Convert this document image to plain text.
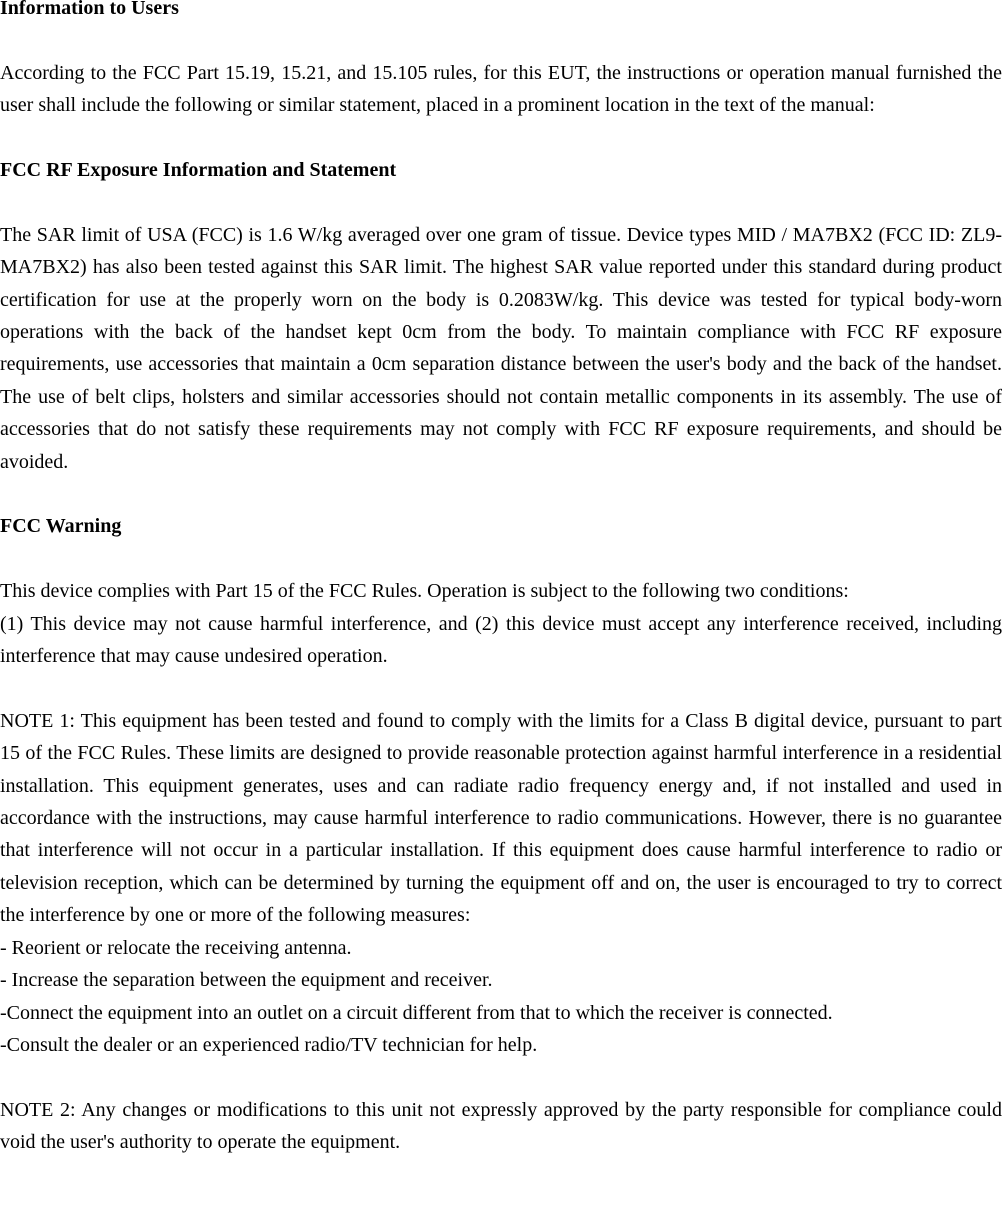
Information to Users

According to the FCC Part 15.19, 15.21, and 15.105 rules, for this EUT, the instructions or operation manual furnished the user shall include the following or similar statement, placed in a prominent location in the text of the manual:

FCC RF Exposure Information and Statement

The SAR limit of USA (FCC) is 1.6 W/kg averaged over one gram of tissue. Device types MID / MA7BX2 (FCC ID: ZL9-MA7BX2) has also been tested against this SAR limit. The highest SAR value reported under this standard during product certification for use at the properly worn on the body is 0.2083W/kg. This device was tested for typical body-worn operations with the back of the handset kept 0cm from the body. To maintain compliance with FCC RF exposure requirements, use accessories that maintain a 0cm separation distance between the user's body and the back of the handset. The use of belt clips, holsters and similar accessories should not contain metallic components in its assembly. The use of accessories that do not satisfy these requirements may not comply with FCC RF exposure requirements, and should be avoided.

FCC Warning

This device complies with Part 15 of the FCC Rules. Operation is subject to the following two conditions:

(1) This device may not cause harmful interference, and (2) this device must accept any interference received, including interference that may cause undesired operation.

NOTE 1: This equipment has been tested and found to comply with the limits for a Class B digital device, pursuant to part 15 of the FCC Rules. These limits are designed to provide reasonable protection against harmful interference in a residential installation. This equipment generates, uses and can radiate radio frequency energy and, if not installed and used in accordance with the instructions, may cause harmful interference to radio communications. However, there is no guarantee that interference will not occur in a particular installation. If this equipment does cause harmful interference to radio or television reception, which can be determined by turning the equipment off and on, the user is encouraged to try to correct the interference by one or more of the following measures:

- Reorient or relocate the receiving antenna.

- Increase the separation between the equipment and receiver.

-Connect the equipment into an outlet on a circuit different from that to which the receiver is connected.

-Consult the dealer or an experienced radio/TV technician for help.

NOTE 2: Any changes or modifications to this unit not expressly approved by the party responsible for compliance could void the user's authority to operate the equipment.
